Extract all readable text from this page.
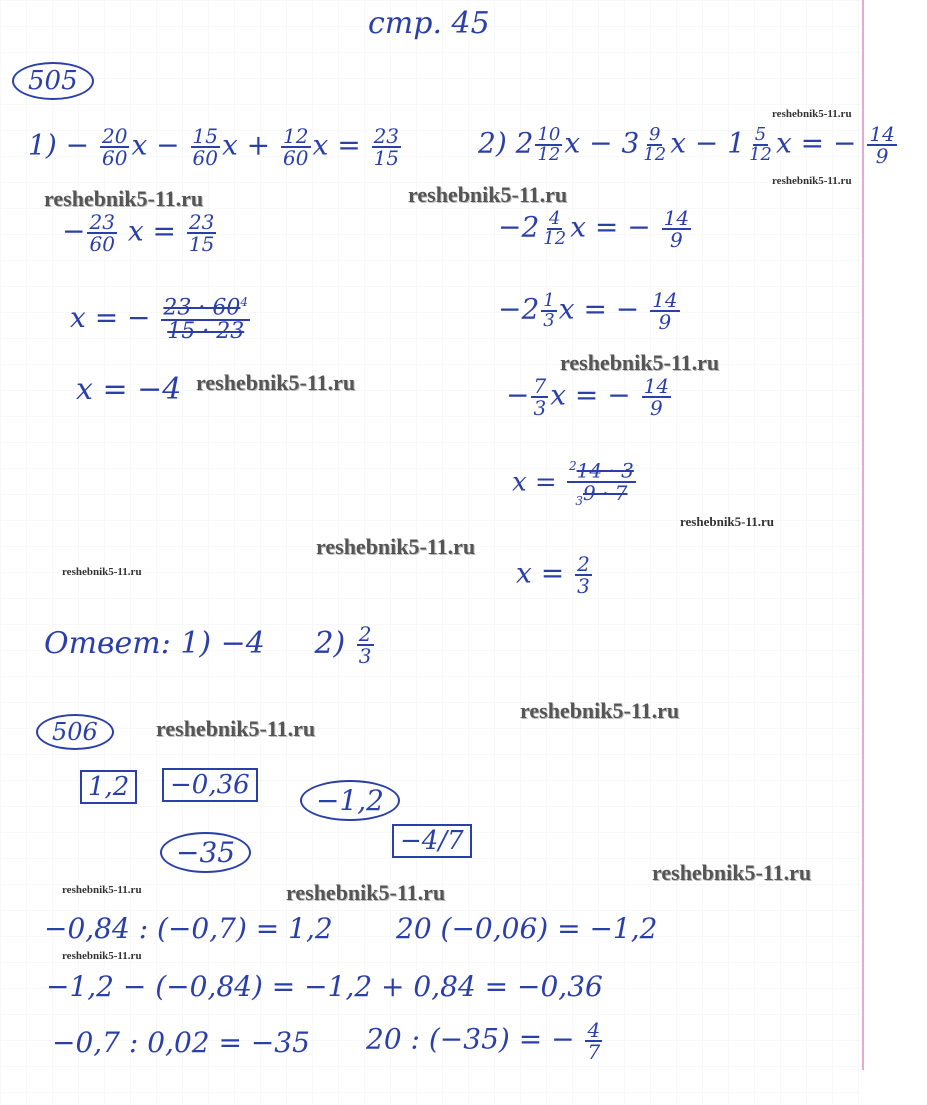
стр. 45
505
$1) - \frac{20}{60}$ $x - \frac{15}{60}$ $x + \frac{12}{60}$ $x = \frac{23}{15}$	2) $2 \frac{10}{12}$ $x - 3 \frac{9}{12}$ $x - 1 \frac{5}{12}$ x = − $\frac{14}{9}$
− $\frac{23}{60}$ $x = \frac{23}{15}$	$-2 \frac{4}{12}$ x = − $\frac{14}{9}$
x = − $\frac{23 \cdot 60^4}{15 \cdot 23}$	$-2 \frac{1}{3}$ x = − $\frac{14}{9}$
x = −4	− $\frac{7}{3}$ x = − $\frac{14}{9}$
$x = \frac{^214 \cdot 3}{_39 \cdot 7}$
$x = \frac{2}{3}$
Ответ: 1) −4 $2) \frac{2}{3}$
506
1,2	−0,36	−1,2
−35	−4/7
−0,84 : (−0,7) = 1,2 20 (−0,06) = −1,2
−1,2 − (−0,84) = −1,2 + 0,84 = −0,36
−0,7 : 0,02 = −35 20 : (−35) = − $\frac{4}{7}$
reshebnik5-11.ru
reshebnik5-11.ru
reshebnik5-11.ru	reshebnik5-11.ru
reshebnik5-11.ru
reshebnik5-11.ru
reshebnik5-11.ru
reshebnik5-11.ru
reshebnik5-11.ru
reshebnik5-11.ru
reshebnik5-11.ru
reshebnik5-11.ru
reshebnik5-11.ru	reshebnik5-11.ru
reshebnik5-11.ru
